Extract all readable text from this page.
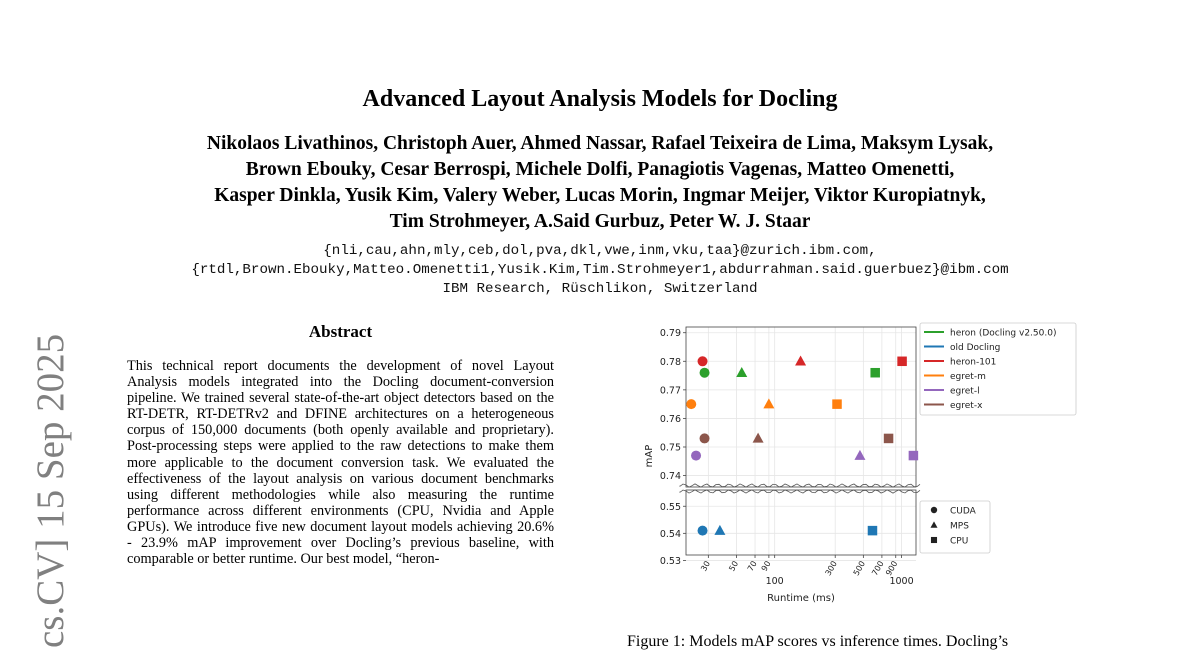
Advanced Layout Analysis Models for Docling
Nikolaos Livathinos, Christoph Auer, Ahmed Nassar, Rafael Teixeira de Lima, Maksym Lysak,
Brown Ebouky, Cesar Berrospi, Michele Dolfi, Panagiotis Vagenas, Matteo Omenetti,
Kasper Dinkla, Yusik Kim, Valery Weber, Lucas Morin, Ingmar Meijer, Viktor Kuropiatnyk,
Tim Strohmeyer, A.Said Gurbuz, Peter W. J. Staar
{nli,cau,ahn,mly,ceb,dol,pva,dkl,vwe,inm,vku,taa}@zurich.ibm.com,
{rtdl,Brown.Ebouky,Matteo.Omenetti1,Yusik.Kim,Tim.Strohmeyer1,abdurrahman.said.guerbuez}@ibm.com
IBM Research, Rüschlikon, Switzerland
cs.CV] 15 Sep 2025
Abstract
This technical report documents the development of novel Layout Analysis models integrated into the Docling document-conversion pipeline. We trained several state-of-the-art object detectors based on the RT-DETR, RT-DETRv2 and DFINE architectures on a heterogeneous corpus of 150,000 documents (both openly available and proprietary). Post-processing steps were applied to the raw detections to make them more applicable to the document conversion task. We evaluated the effectiveness of the layout analysis on various document benchmarks using different methodologies while also measuring the runtime performance across different environments (CPU, Nvidia and Apple GPUs). We introduce five new document layout models achieving 20.6% - 23.9% mAP improvement over Docling’s previous baseline, with comparable or better runtime. Our best model, “heron-
0.74
0.75
0.76
0.77
0.78
0.79
0.53
0.54
0.55
30 50 70 90
100
300 500 700
900
1000
Runtime (ms)
mAP
heron (Docling v2.50.0)
old Docling
heron-101
egret-m
egret-l
egret-x
CUDA
MPS
CPU
Figure 1: Models mAP scores vs inference times. Docling’s
